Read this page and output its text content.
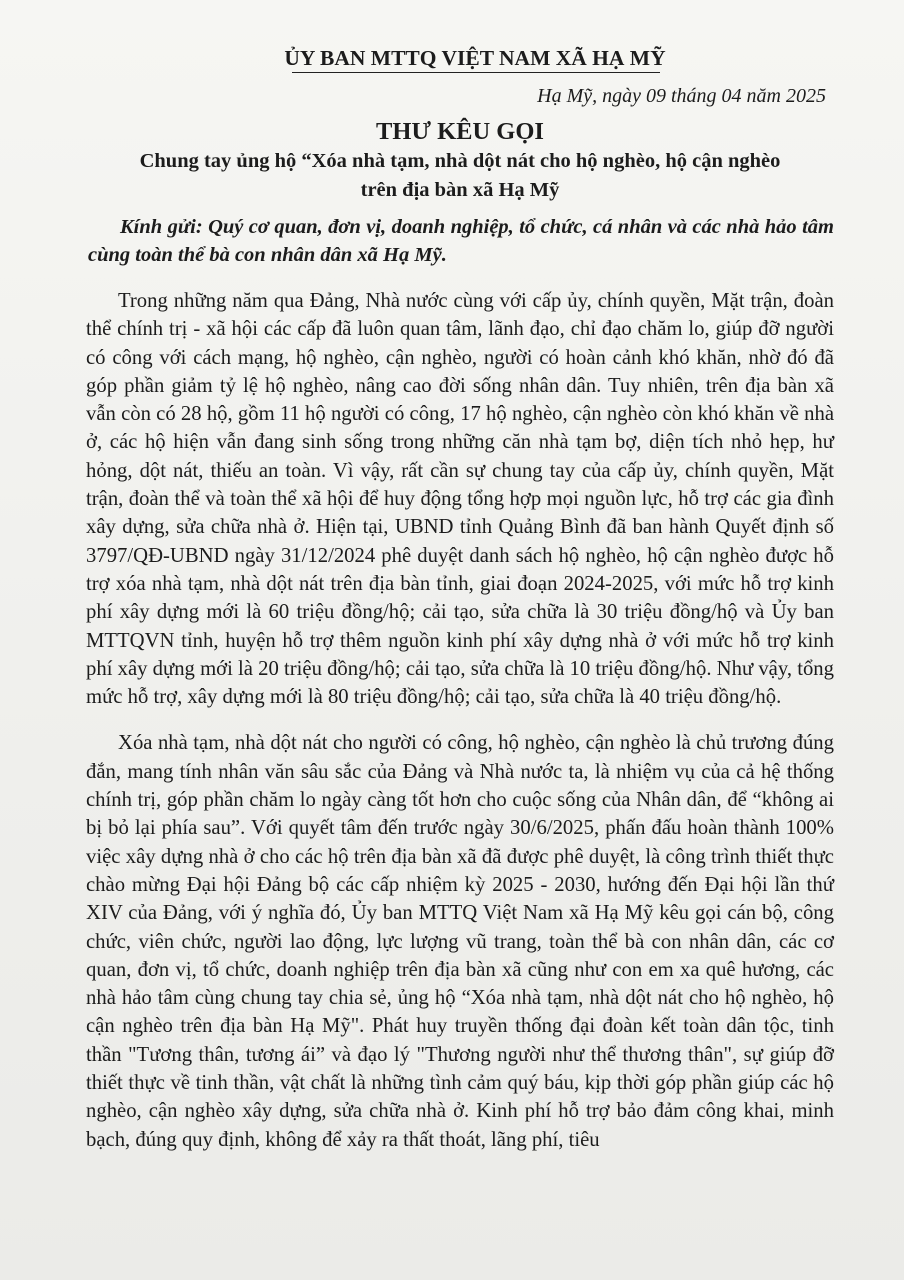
ỦY BAN MTTQ VIỆT NAM XÃ HẠ MỸ
Hạ Mỹ, ngày 09 tháng 04 năm 2025
THƯ KÊU GỌI
Chung tay ủng hộ “Xóa nhà tạm, nhà dột nát cho hộ nghèo, hộ cận nghèo
trên địa bàn xã Hạ Mỹ

Kính gửi: Quý cơ quan, đơn vị, doanh nghiệp, tổ chức, cá nhân và các nhà hảo tâm cùng toàn thể bà con nhân dân xã Hạ Mỹ.

Trong những năm qua Đảng, Nhà nước cùng với cấp ủy, chính quyền, Mặt trận, đoàn thể chính trị - xã hội các cấp đã luôn quan tâm, lãnh đạo, chỉ đạo chăm lo, giúp đỡ người có công với cách mạng, hộ nghèo, cận nghèo, người có hoàn cảnh khó khăn, nhờ đó đã góp phần giảm tỷ lệ hộ nghèo, nâng cao đời sống nhân dân. Tuy nhiên, trên địa bàn xã vẫn còn có 28 hộ, gồm 11 hộ người có công, 17 hộ nghèo, cận nghèo còn khó khăn về nhà ở, các hộ hiện vẫn đang sinh sống trong những căn nhà tạm bợ, diện tích nhỏ hẹp, hư hỏng, dột nát, thiếu an toàn. Vì vậy, rất cần sự chung tay của cấp ủy, chính quyền, Mặt trận, đoàn thể và toàn thể xã hội để huy động tổng hợp mọi nguồn lực, hỗ trợ các gia đình xây dựng, sửa chữa nhà ở. Hiện tại, UBND tỉnh Quảng Bình đã ban hành Quyết định số 3797/QĐ-UBND ngày 31/12/2024 phê duyệt danh sách hộ nghèo, hộ cận nghèo được hỗ trợ xóa nhà tạm, nhà dột nát trên địa bàn tỉnh, giai đoạn 2024-2025, với mức hỗ trợ kinh phí xây dựng mới là 60 triệu đồng/hộ; cải tạo, sửa chữa là 30 triệu đồng/hộ và Ủy ban MTTQVN tỉnh, huyện hỗ trợ thêm nguồn kinh phí xây dựng nhà ở với mức hỗ trợ kinh phí xây dựng mới là 20 triệu đồng/hộ; cải tạo, sửa chữa là 10 triệu đồng/hộ. Như vậy, tổng mức hỗ trợ, xây dựng mới là 80 triệu đồng/hộ; cải tạo, sửa chữa là 40 triệu đồng/hộ.

Xóa nhà tạm, nhà dột nát cho người có công, hộ nghèo, cận nghèo là chủ trương đúng đắn, mang tính nhân văn sâu sắc của Đảng và Nhà nước ta, là nhiệm vụ của cả hệ thống chính trị, góp phần chăm lo ngày càng tốt hơn cho cuộc sống của Nhân dân, để “không ai bị bỏ lại phía sau”. Với quyết tâm đến trước ngày 30/6/2025, phấn đấu hoàn thành 100% việc xây dựng nhà ở cho các hộ trên địa bàn xã đã được phê duyệt, là công trình thiết thực chào mừng Đại hội Đảng bộ các cấp nhiệm kỳ 2025 - 2030, hướng đến Đại hội lần thứ XIV của Đảng, với ý nghĩa đó, Ủy ban MTTQ Việt Nam xã Hạ Mỹ kêu gọi cán bộ, công chức, viên chức, người lao động, lực lượng vũ trang, toàn thể bà con nhân dân, các cơ quan, đơn vị, tổ chức, doanh nghiệp trên địa bàn xã cũng như con em xa quê hương, các nhà hảo tâm cùng chung tay chia sẻ, ủng hộ “Xóa nhà tạm, nhà dột nát cho hộ nghèo, hộ cận nghèo trên địa bàn Hạ Mỹ". Phát huy truyền thống đại đoàn kết toàn dân tộc, tinh thần "Tương thân, tương ái” và đạo lý "Thương người như thể thương thân", sự giúp đỡ thiết thực về tinh thần, vật chất là những tình cảm quý báu, kịp thời góp phần giúp các hộ nghèo, cận nghèo xây dựng, sửa chữa nhà ở. Kinh phí hỗ trợ bảo đảm công khai, minh bạch, đúng quy định, không để xảy ra thất thoát, lãng phí, tiêu
